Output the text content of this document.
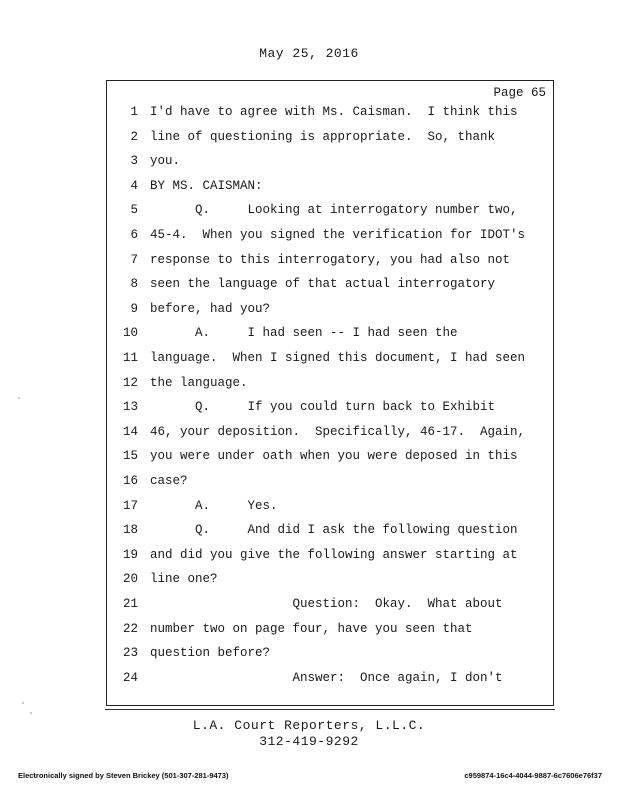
May 25, 2016
Page 65
1 I'd have to agree with Ms. Caisman.  I think this
2 line of questioning is appropriate.  So, thank
3 you.
4 BY MS. CAISMAN:
5 Q.     Looking at interrogatory number two,
6 45-4.  When you signed the verification for IDOT's
7 response to this interrogatory, you had also not
8 seen the language of that actual interrogatory
9 before, had you?
10 A.     I had seen -- I had seen the
11 language.  When I signed this document, I had seen
12 the language.
13 Q.     If you could turn back to Exhibit
14 46, your deposition.  Specifically, 46-17.  Again,
15 you were under oath when you were deposed in this
16 case?
17 A.     Yes.
18 Q.     And did I ask the following question
19 and did you give the following answer starting at
20 line one?
21 Question:  Okay.  What about
22 number two on page four, have you seen that
23 question before?
24 Answer:  Once again, I don't
L.A. Court Reporters, L.L.C.
312-419-9292
Electronically signed by Steven Brickey (501-307-281-9473)	c959874-16c4-4044-9887-6c7606e76f37
